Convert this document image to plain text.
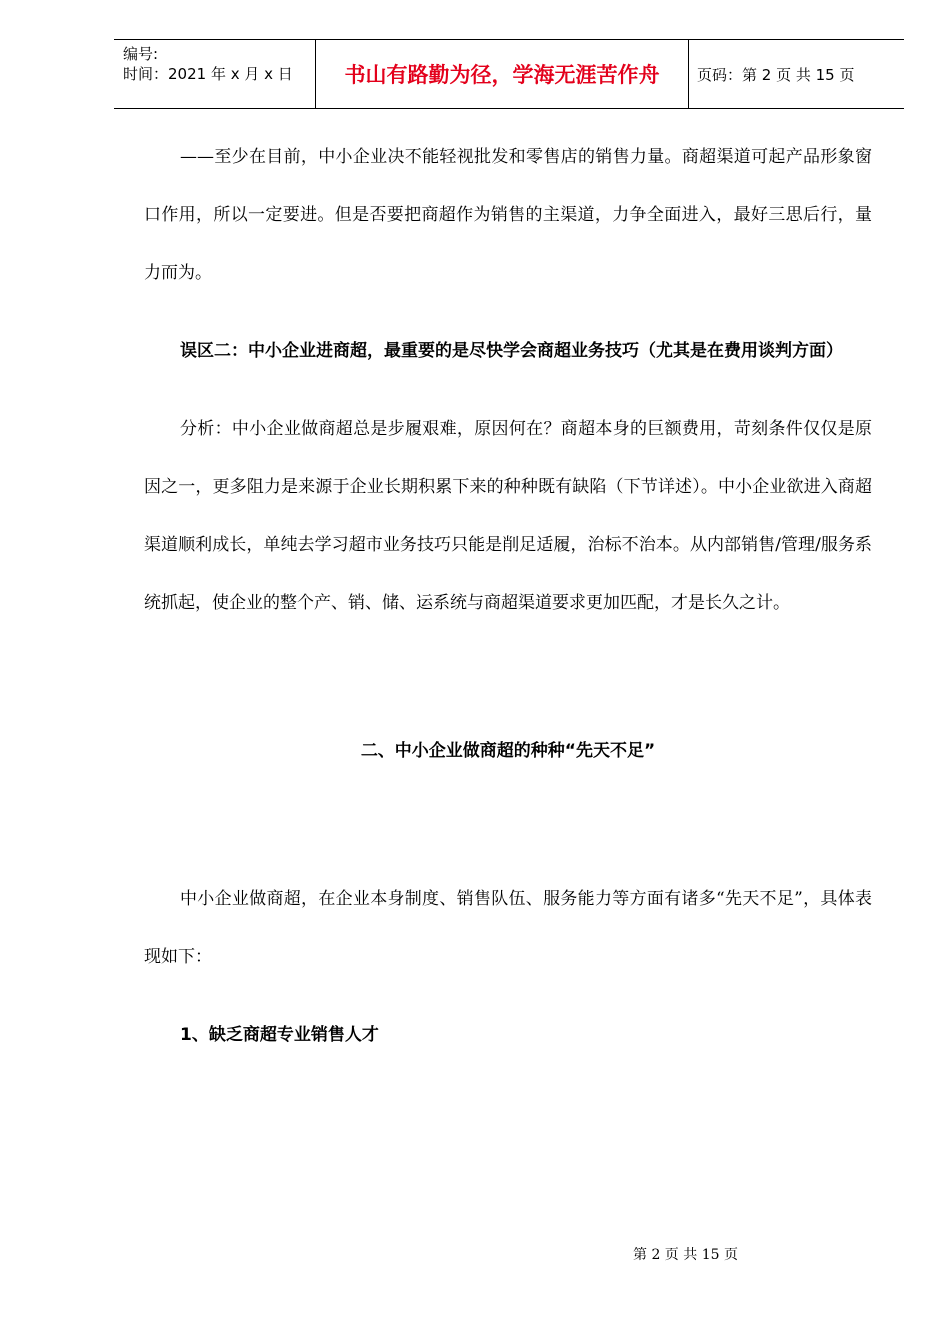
编号:
时间：2021 年 x 月 x 日 书山有路勤为径，学海无涯苦作舟	页码：第 2 页 共 15 页

——至少在目前，中小企业决不能轻视批发和零售店的销售力量。商超渠道可起产品形象窗口作用，所以一定要进。但是否要把商超作为销售的主渠道，力争全面进入，最好三思后行，量力而为。

误区二：中小企业进商超，最重要的是尽快学会商超业务技巧（尤其是在费用谈判方面）

分析：中小企业做商超总是步履艰难，原因何在？商超本身的巨额费用，苛刻条件仅仅是原因之一，更多阻力是来源于企业长期积累下来的种种既有缺陷（下节详述）。中小企业欲进入商超渠道顺利成长，单纯去学习超市业务技巧只能是削足适履，治标不治本。从内部销售/管理/服务系统抓起，使企业的整个产、销、储、运系统与商超渠道要求更加匹配，才是长久之计。

二、中小企业做商超的种种“先天不足”

中小企业做商超，在企业本身制度、销售队伍、服务能力等方面有诸多“先天不足”，具体表现如下：

1、缺乏商超专业销售人才

第 2 页 共 15 页
